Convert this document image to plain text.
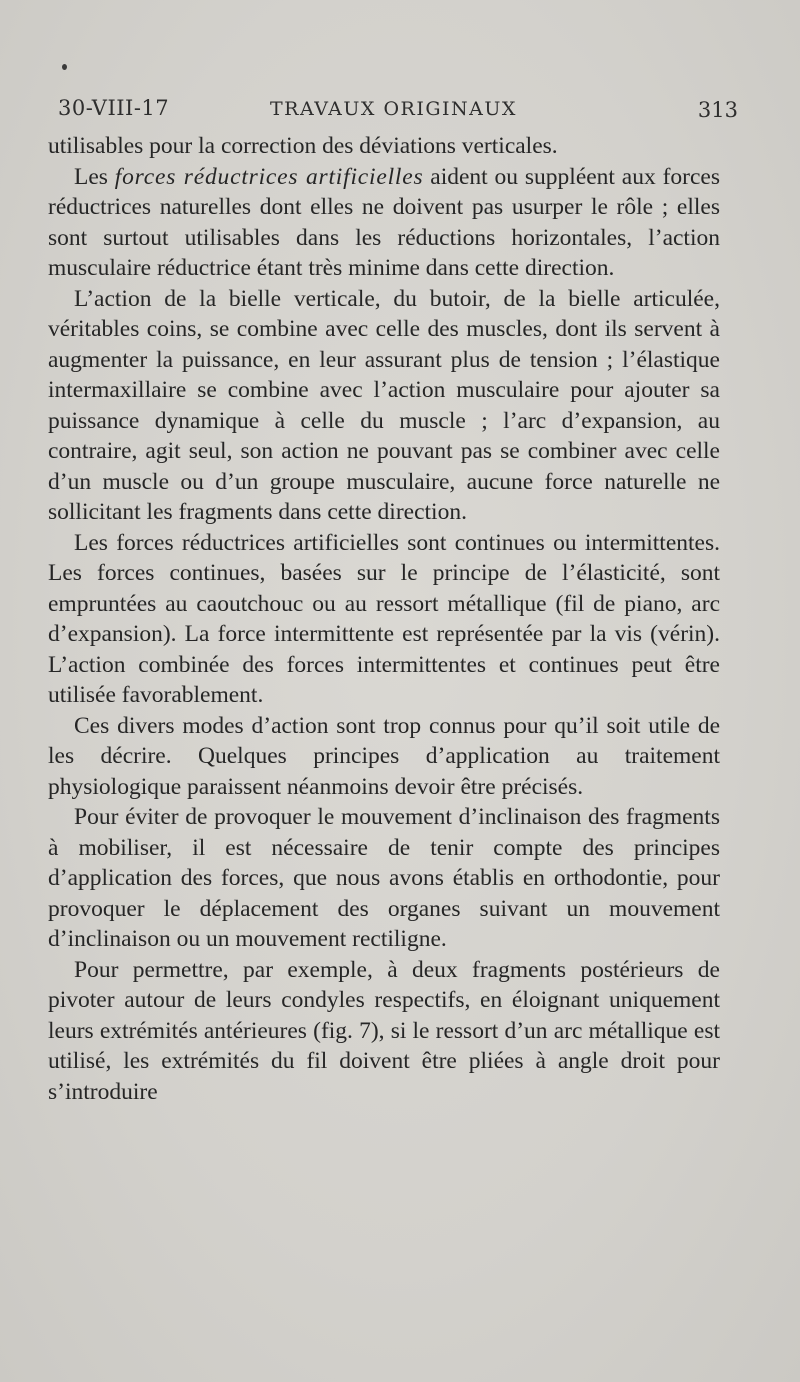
30-VIII-17	TRAVAUX ORIGINAUX	313

utilisables pour la correction des déviations verticales.

Les forces réductrices artificielles aident ou suppléent aux forces réductrices naturelles dont elles ne doivent pas usurper le rôle ; elles sont surtout utilisables dans les réductions horizontales, l’action musculaire réductrice étant très minime dans cette direction.

L’action de la bielle verticale, du butoir, de la bielle articulée, véritables coins, se combine avec celle des muscles, dont ils servent à augmenter la puissance, en leur assurant plus de tension ; l’élastique intermaxillaire se combine avec l’action musculaire pour ajouter sa puissance dynamique à celle du muscle ; l’arc d’expansion, au contraire, agit seul, son action ne pouvant pas se combiner avec celle d’un muscle ou d’un groupe musculaire, aucune force naturelle ne sollicitant les fragments dans cette direction.

Les forces réductrices artificielles sont continues ou intermittentes. Les forces continues, basées sur le principe de l’élasticité, sont empruntées au caoutchouc ou au ressort métallique (fil de piano, arc d’expansion). La force intermittente est représentée par la vis (vérin). L’action combinée des forces intermittentes et continues peut être utilisée favorablement.

Ces divers modes d’action sont trop connus pour qu’il soit utile de les décrire. Quelques principes d’application au traitement physiologique paraissent néanmoins devoir être précisés.

Pour éviter de provoquer le mouvement d’inclinaison des fragments à mobiliser, il est nécessaire de tenir compte des principes d’application des forces, que nous avons établis en orthodontie, pour provoquer le déplacement des organes suivant un mouvement d’inclinaison ou un mouvement rectiligne.

Pour permettre, par exemple, à deux fragments postérieurs de pivoter autour de leurs condyles respectifs, en éloignant uniquement leurs extrémités antérieures (fig. 7), si le ressort d’un arc métallique est utilisé, les extrémités du fil doivent être pliées à angle droit pour s’introduire
